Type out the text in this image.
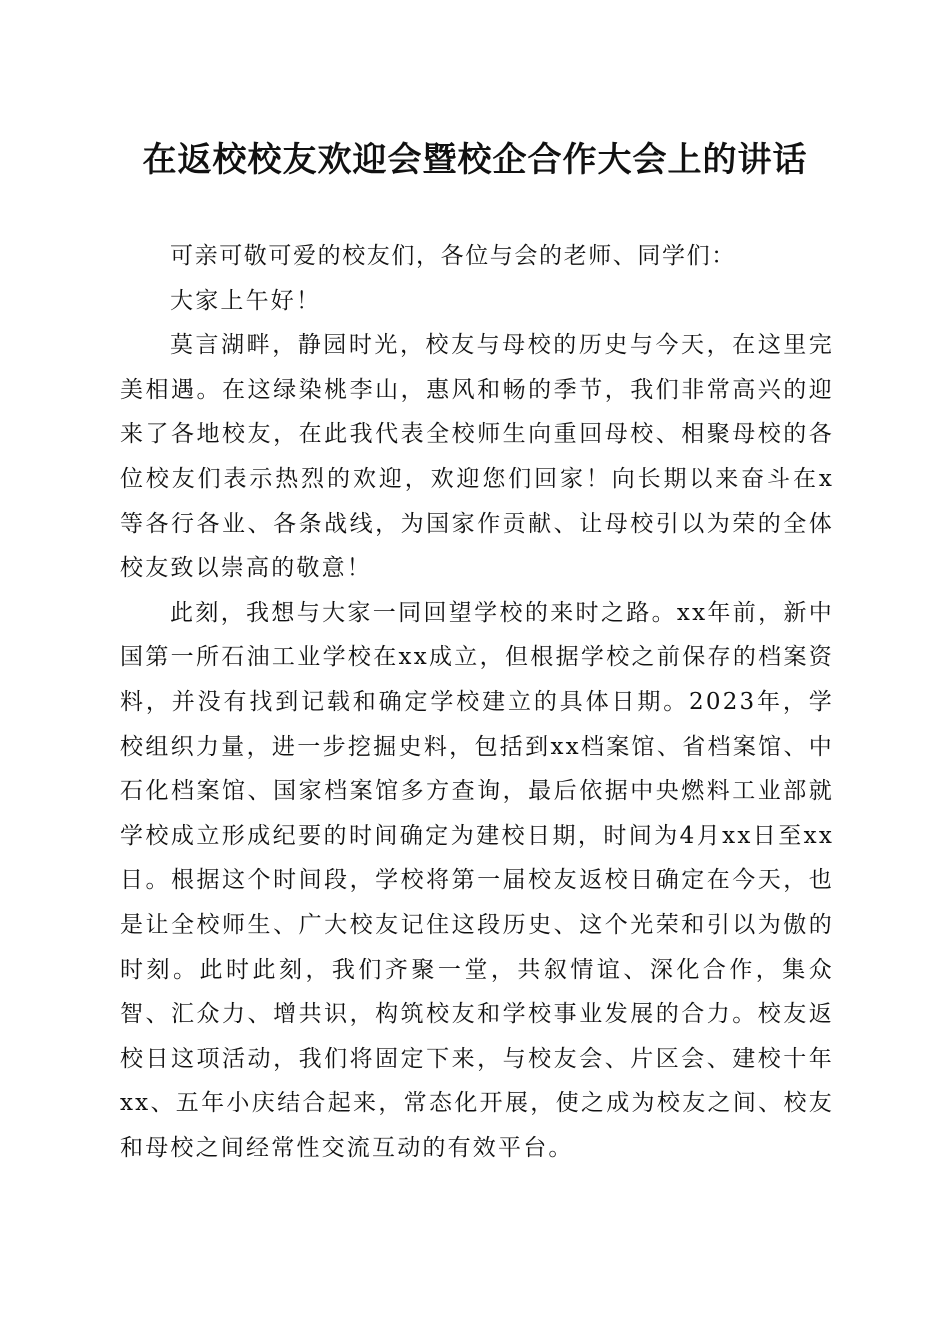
在返校校友欢迎会暨校企合作大会上的讲话

可亲可敬可爱的校友们，各位与会的老师、同学们：

大家上午好！

莫言湖畔，静园时光，校友与母校的历史与今天，在这里完美相遇。在这绿染桃李山，惠风和畅的季节，我们非常高兴的迎来了各地校友，在此我代表全校师生向重回母校、相聚母校的各位校友们表示热烈的欢迎，欢迎您们回家！向长期以来奋斗在x等各行各业、各条战线，为国家作贡献、让母校引以为荣的全体校友致以崇高的敬意！

此刻，我想与大家一同回望学校的来时之路。xx年前，新中国第一所石油工业学校在xx成立，但根据学校之前保存的档案资料，并没有找到记载和确定学校建立的具体日期。2023年，学校组织力量，进一步挖掘史料，包括到xx档案馆、省档案馆、中石化档案馆、国家档案馆多方查询，最后依据中央燃料工业部就学校成立形成纪要的时间确定为建校日期，时间为4月xx日至xx日。根据这个时间段，学校将第一届校友返校日确定在今天，也是让全校师生、广大校友记住这段历史、这个光荣和引以为傲的时刻。此时此刻，我们齐聚一堂，共叙情谊、深化合作，集众智、汇众力、增共识，构筑校友和学校事业发展的合力。校友返校日这项活动，我们将固定下来，与校友会、片区会、建校十年xx、五年小庆结合起来，常态化开展，使之成为校友之间、校友和母校之间经常性交流互动的有效平台。
